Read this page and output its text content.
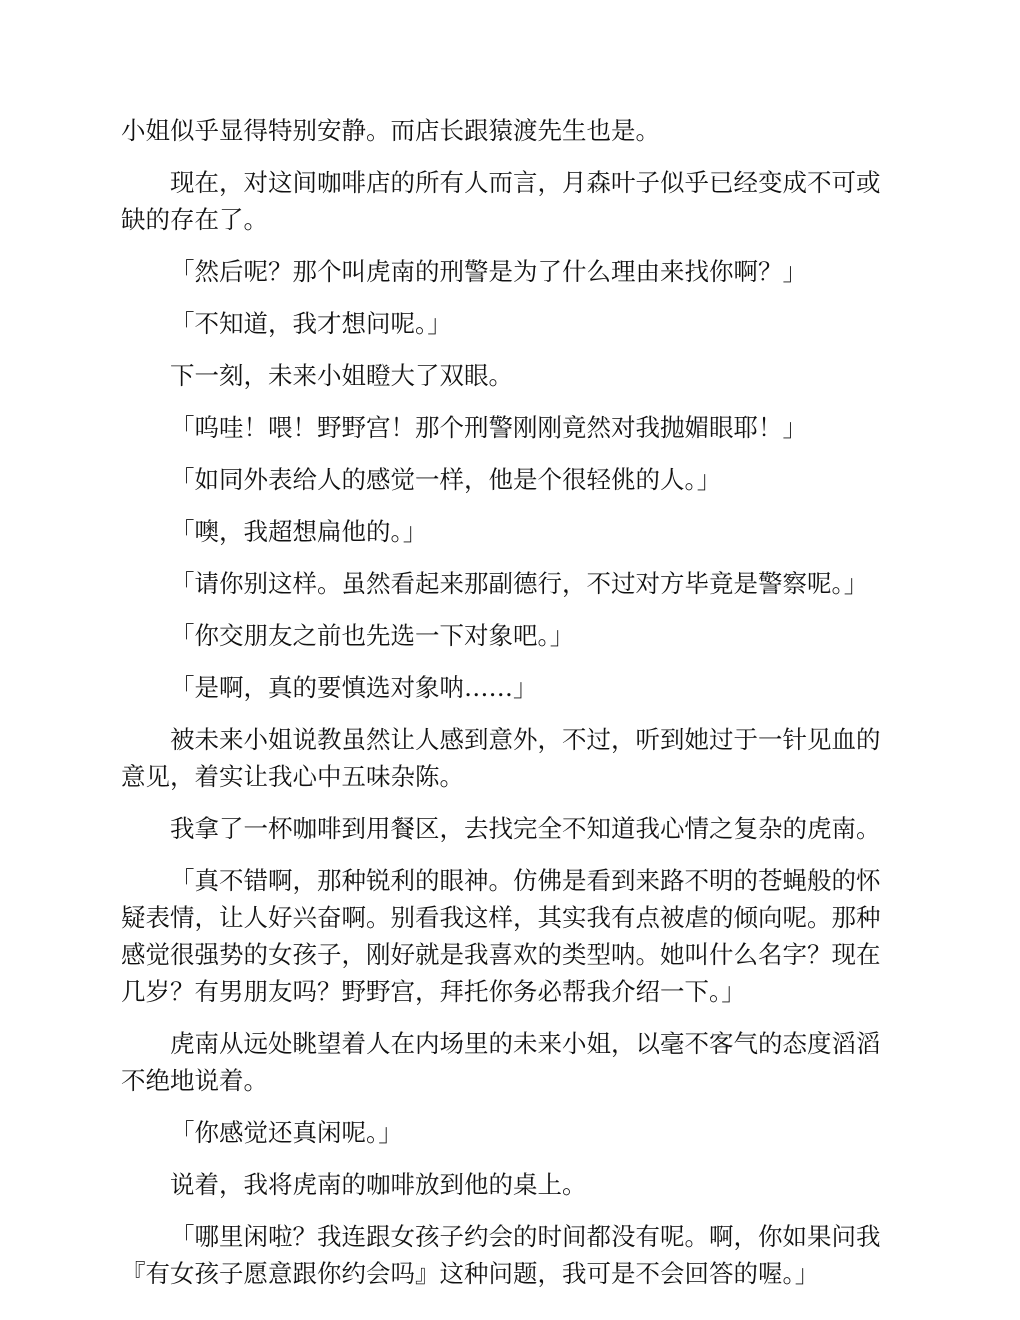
小姐似乎显得特别安静。而店长跟猿渡先生也是。

现在，对这间咖啡店的所有人而言，月森叶子似乎已经变成不可或缺的存在了。

「然后呢？那个叫虎南的刑警是为了什么理由来找你啊？」

「不知道，我才想问呢。」

下一刻，未来小姐瞪大了双眼。

「呜哇！喂！野野宫！那个刑警刚刚竟然对我抛媚眼耶！」

「如同外表给人的感觉一样，他是个很轻佻的人。」

「噢，我超想扁他的。」

「请你别这样。虽然看起来那副德行，不过对方毕竟是警察呢。」

「你交朋友之前也先选一下对象吧。」

「是啊，真的要慎选对象呐……」

被未来小姐说教虽然让人感到意外，不过，听到她过于一针见血的意见，着实让我心中五味杂陈。

我拿了一杯咖啡到用餐区，去找完全不知道我心情之复杂的虎南。

「真不错啊，那种锐利的眼神。仿佛是看到来路不明的苍蝇般的怀疑表情，让人好兴奋啊。别看我这样，其实我有点被虐的倾向呢。那种感觉很强势的女孩子，刚好就是我喜欢的类型呐。她叫什么名字？现在几岁？有男朋友吗？野野宫，拜托你务必帮我介绍一下。」

虎南从远处眺望着人在内场里的未来小姐，以毫不客气的态度滔滔不绝地说着。

「你感觉还真闲呢。」

说着，我将虎南的咖啡放到他的桌上。

「哪里闲啦？我连跟女孩子约会的时间都没有呢。啊，你如果问我『有女孩子愿意跟你约会吗』这种问题，我可是不会回答的喔。」
